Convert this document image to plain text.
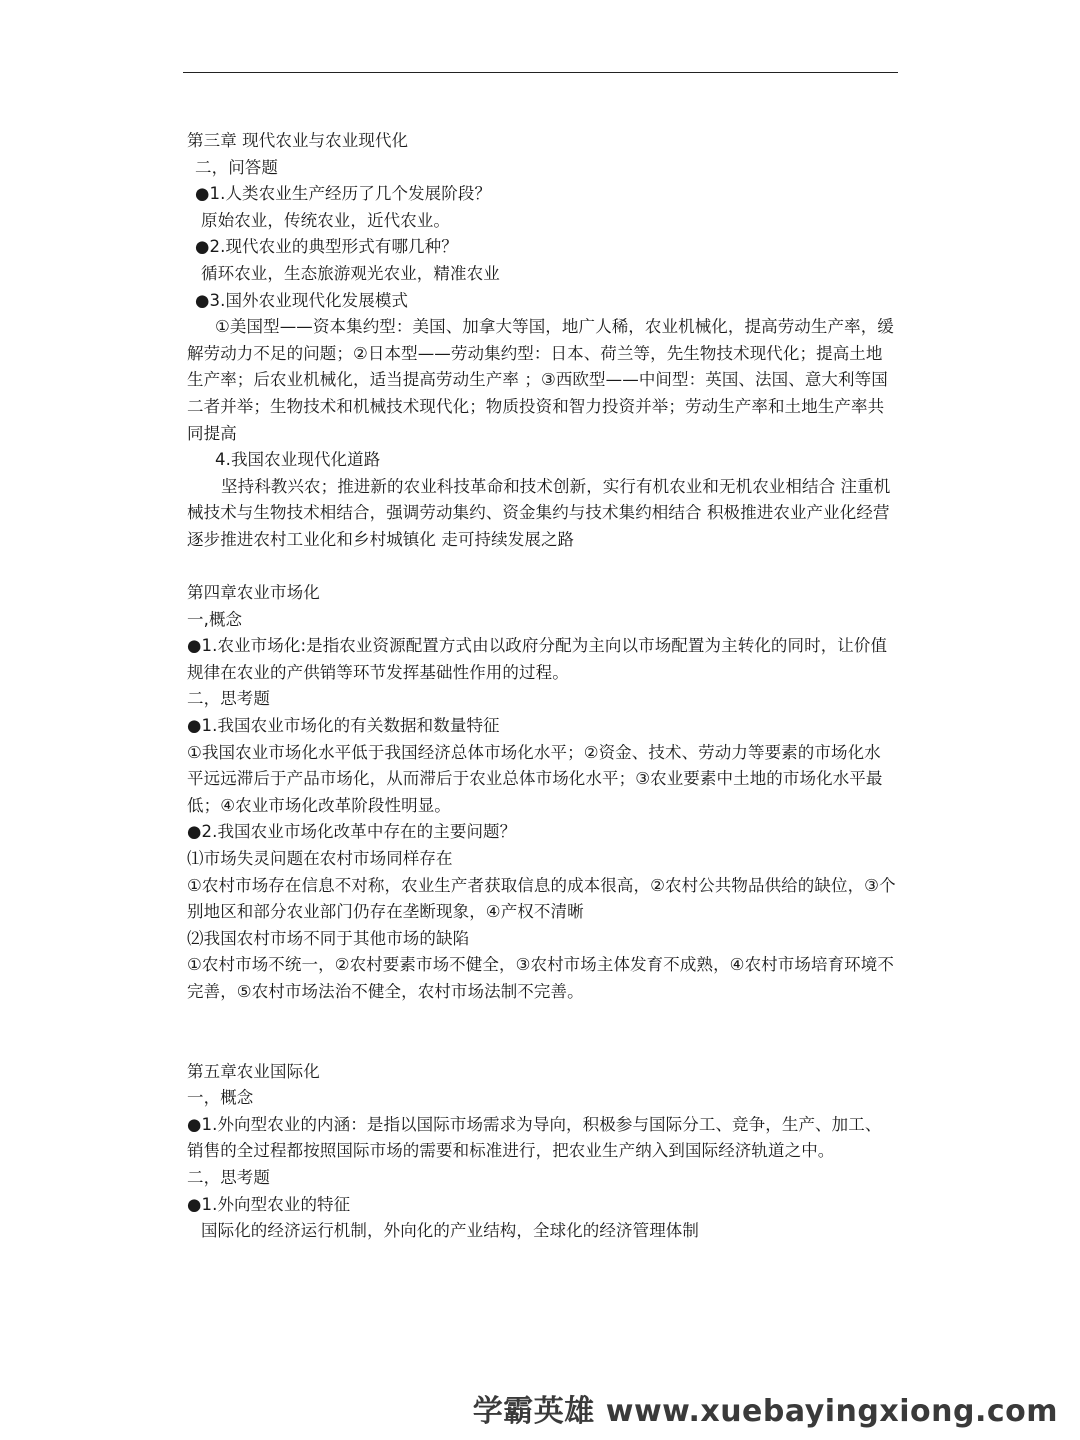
第三章 现代农业与农业现代化
二，问答题
●1.人类农业生产经历了几个发展阶段？
原始农业，传统农业，近代农业。
●2.现代农业的典型形式有哪几种？
循环农业，生态旅游观光农业，精准农业
●3.国外农业现代化发展模式
①美国型——资本集约型：美国、加拿大等国，地广人稀，农业机械化，提高劳动生产率，缓解劳动力不足的问题；②日本型——劳动集约型：日本、荷兰等，先生物技术现代化；提高土地生产率；后农业机械化，适当提高劳动生产率 ；③西欧型——中间型：英国、法国、意大利等国 二者并举；生物技术和机械技术现代化；物质投资和智力投资并举；劳动生产率和土地生产率共同提高
4.我国农业现代化道路
坚持科教兴农；推进新的农业科技革命和技术创新，实行有机农业和无机农业相结合 注重机械技术与生物技术相结合，强调劳动集约、资金集约与技术集约相结合 积极推进农业产业化经营 逐步推进农村工业化和乡村城镇化 走可持续发展之路
第四章农业市场化
一,概念
●1.农业市场化:是指农业资源配置方式由以政府分配为主向以市场配置为主转化的同时，让价值规律在农业的产供销等环节发挥基础性作用的过程。
二，思考题
●1.我国农业市场化的有关数据和数量特征
①我国农业市场化水平低于我国经济总体市场化水平；②资金、技术、劳动力等要素的市场化水平远远滞后于产品市场化，从而滞后于农业总体市场化水平；③农业要素中土地的市场化水平最低；④农业市场化改革阶段性明显。
●2.我国农业市场化改革中存在的主要问题？
⑴市场失灵问题在农村市场同样存在
①农村市场存在信息不对称，农业生产者获取信息的成本很高，②农村公共物品供给的缺位，③个别地区和部分农业部门仍存在垄断现象，④产权不清晰
⑵我国农村市场不同于其他市场的缺陷
①农村市场不统一，②农村要素市场不健全，③农村市场主体发育不成熟，④农村市场培育环境不完善，⑤农村市场法治不健全，农村市场法制不完善。
第五章农业国际化
一，概念
●1.外向型农业的内涵：是指以国际市场需求为导向，积极参与国际分工、竞争，生产、加工、销售的全过程都按照国际市场的需要和标准进行，把农业生产纳入到国际经济轨道之中。
二，思考题
●1.外向型农业的特征
国际化的经济运行机制，外向化的产业结构，全球化的经济管理体制
学霸英雄 www.xuebayingxiong.com
